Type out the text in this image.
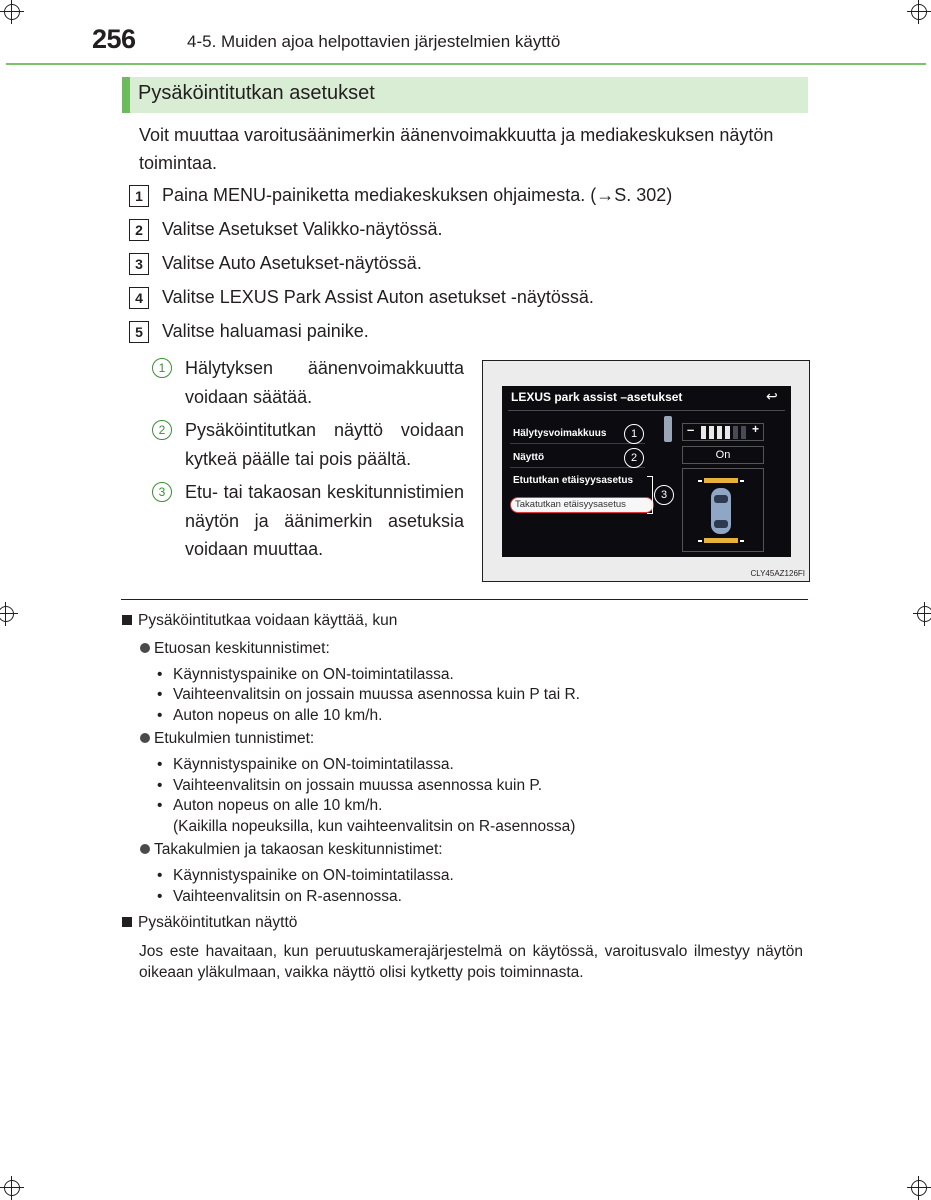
256	4-5. Muiden ajoa helpottavien järjestelmien käyttö
Pysäköintitutkan asetukset
Voit muuttaa varoitusäänimerkin äänenvoimakkuutta ja mediakeskuksen näytön toimintaa.
1	Paina MENU-painiketta mediakeskuksen ohjaimesta. (→S. 302)
2	Valitse Asetukset Valikko-näytössä.
3	Valitse Auto Asetukset-näytössä.
4	Valitse LEXUS Park Assist Auton asetukset -näytössä.
5	Valitse haluamasi painike.
1	Hälytyksen äänenvoimakkuutta voidaan säätää.
2	Pysäköintitutkan näyttö voidaan kytkeä päälle tai pois päältä.
3	Etu- tai takaosan keskitunnistimien näytön ja äänimerkin asetuksia voidaan muuttaa.
LEXUS park assist –asetukset	↩
Hälytysvoimakkuus
Näyttö
Etututkan etäisyysasetus
Takatutkan etäisyysasetus
1
2
3
–	+
On
CLY45AZ126FI
Pysäköintitutkaa voidaan käyttää, kun
Etuosan keskitunnistimet:
• Käynnistyspainike on ON-toimintatilassa.
• Vaihteenvalitsin on jossain muussa asennossa kuin P tai R.
• Auton nopeus on alle 10 km/h.
Etukulmien tunnistimet:
• Käynnistyspainike on ON-toimintatilassa.
• Vaihteenvalitsin on jossain muussa asennossa kuin P.
• Auton nopeus on alle 10 km/h.
(Kaikilla nopeuksilla, kun vaihteenvalitsin on R-asennossa)
Takakulmien ja takaosan keskitunnistimet:
• Käynnistyspainike on ON-toimintatilassa.
• Vaihteenvalitsin on R-asennossa.
Pysäköintitutkan näyttö
Jos este havaitaan, kun peruutuskamerajärjestelmä on käytössä, varoitusvalo ilmestyy näytön oikeaan yläkulmaan, vaikka näyttö olisi kytketty pois toiminnasta.
